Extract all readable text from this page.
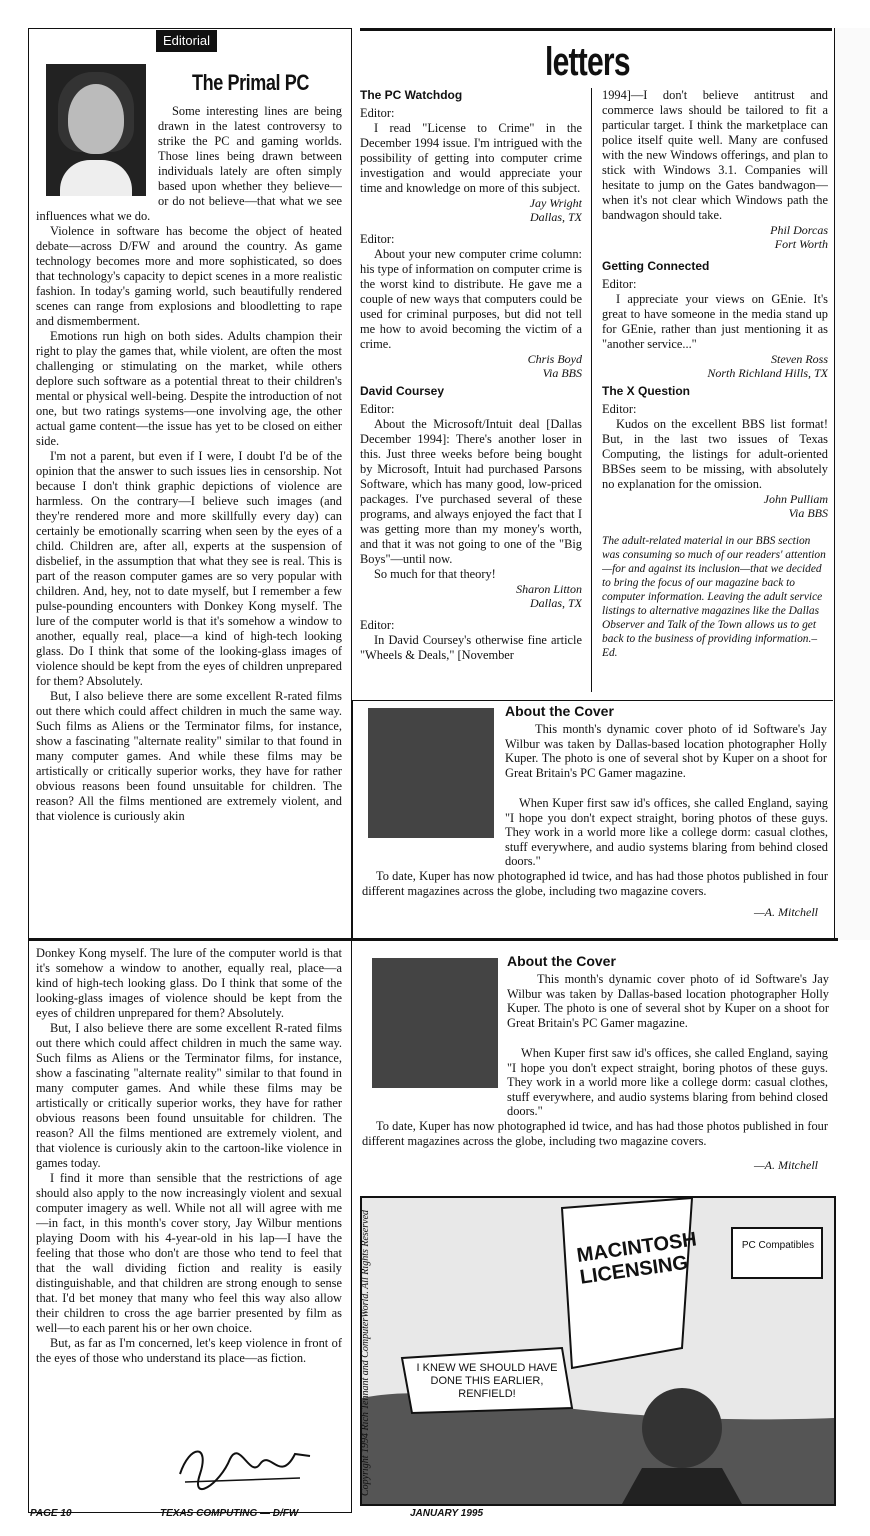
Editorial
The Primal PC

Some interesting lines are being drawn in the latest controversy to strike the PC and gaming worlds. Those lines being drawn between individuals lately are often simply based upon whether they believe—or do not believe—that what we see influences what we do.

Violence in software has become the object of heated debate—across D/FW and around the country. As game technology becomes more and more sophisticated, so does that technology's capacity to depict scenes in a more realistic fashion. In today's gaming world, such beautifully rendered scenes can range from explosions and bloodletting to rape and dismemberment.

Emotions run high on both sides. Adults champion their right to play the games that, while violent, are often the most challenging or stimulating on the market, while others deplore such software as a potential threat to their children's mental or physical well-being. Despite the introduction of not one, but two ratings systems—one involving age, the other actual game content—the issue has yet to be closed on either side.

I'm not a parent, but even if I were, I doubt I'd be of the opinion that the answer to such issues lies in censorship. Not because I don't think graphic depictions of violence are harmless. On the contrary—I believe such images (and they're rendered more and more skillfully every day) can certainly be emotionally scarring when seen by the eyes of a child. Children are, after all, experts at the suspension of disbelief, in the assumption that what they see is real. This is part of the reason computer games are so very popular with children. And, hey, not to date myself, but I remember a few pulse-pounding encounters with Donkey Kong myself. The lure of the computer world is that it's somehow a window to another, equally real, place—a kind of high-tech looking glass. Do I think that some of the looking-glass images of violence should be kept from the eyes of children unprepared for them? Absolutely.

But, I also believe there are some excellent R-rated films out there which could affect children in much the same way. Such films as Aliens or the Terminator films, for instance, show a fascinating "alternate reality" similar to that found in many computer games. And while these films may be artistically or critically superior works, they have for rather obvious reasons been found unsuitable for children. The reason? All the films mentioned are extremely violent, and that violence is curiously akin

letters
The PC Watchdog

Editor:

I read "License to Crime" in the December 1994 issue. I'm intrigued with the possibility of getting into computer crime investigation and would appreciate your time and knowledge on more of this subject.

Jay Wright

Dallas, TX

Editor:

About your new computer crime column: his type of information on computer crime is the worst kind to distribute. He gave me a couple of new ways that computers could be used for criminal purposes, but did not tell me how to avoid becoming the victim of a crime.

Chris Boyd

Via BBS

David Coursey

Editor:

About the Microsoft/Intuit deal [Dallas December 1994]: There's another loser in this. Just three weeks before being bought by Microsoft, Intuit had purchased Parsons Software, which has many good, low-priced packages. I've purchased several of these programs, and always enjoyed the fact that I was getting more than my money's worth, and that it was not going to one of the "Big Boys"—until now.

So much for that theory!

Sharon Litton

Dallas, TX

Editor:

In David Coursey's otherwise fine article "Wheels & Deals," [November

1994]—I don't believe antitrust and commerce laws should be tailored to fit a particular target. I think the marketplace can police itself quite well. Many are confused with the new Windows offerings, and plan to stick with Windows 3.1. Companies will hesitate to jump on the Gates bandwagon—when it's not clear which Windows path the bandwagon should take.

Phil Dorcas

Fort Worth

Getting Connected

Editor:

I appreciate your views on GEnie. It's great to have someone in the media stand up for GEnie, rather than just mentioning it as "another service..."

Steven Ross

North Richland Hills, TX

The X Question

Editor:

Kudos on the excellent BBS list format! But, in the last two issues of Texas Computing, the listings for adult-oriented BBSes seem to be missing, with absolutely no explanation for the omission.

John Pulliam

Via BBS

The adult-related material in our BBS section was consuming so much of our readers' attention—for and against its inclusion—that we decided to bring the focus of our magazine back to computer information. Leaving the adult service listings to alternative magazines like the Dallas Observer and Talk of the Town allows us to get back to the business of providing information.–Ed.

About the Cover

This month's dynamic cover photo of id Software's Jay Wilbur was taken by Dallas-based location photographer Holly Kuper. The photo is one of several shot by Kuper on a shoot for Great Britain's PC Gamer magazine.

When Kuper first saw id's offices, she called England, saying "I hope you don't expect straight, boring photos of these guys. They work in a world more like a college dorm: casual clothes, stuff everywhere, and audio systems blaring from behind closed doors."

To date, Kuper has now photographed id twice, and has had those photos published in four different magazines across the globe, including two magazine covers.

—A. Mitchell

Donkey Kong myself. The lure of the computer world is that it's somehow a window to another, equally real, place—a kind of high-tech looking glass. Do I think that some of the looking-glass images of violence should be kept from the eyes of children unprepared for them? Absolutely.

But, I also believe there are some excellent R-rated films out there which could affect children in much the same way. Such films as Aliens or the Terminator films, for instance, show a fascinating "alternate reality" similar to that found in many computer games. And while these films may be artistically or critically superior works, they have for rather obvious reasons been found unsuitable for children. The reason? All the films mentioned are extremely violent, and that violence is curiously akin to the cartoon-like violence in games today.

I find it more than sensible that the restrictions of age should also apply to the now increasingly violent and sexual computer imagery as well. While not all will agree with me—in fact, in this month's cover story, Jay Wilbur mentions playing Doom with his 4-year-old in his lap—I have the feeling that those who don't are those who tend to feel that that the wall dividing fiction and reality is easily distinguishable, and that children are strong enough to sense that. I'd bet money that many who feel this way also allow their children to cross the age barrier presented by film as well—to each parent his or her own choice.

But, as far as I'm concerned, let's keep violence in front of the eyes of those who understand its place—as fiction.

About the Cover

This month's dynamic cover photo of id Software's Jay Wilbur was taken by Dallas-based location photographer Holly Kuper. The photo is one of several shot by Kuper on a shoot for Great Britain's PC Gamer magazine.

When Kuper first saw id's offices, she called England, saying "I hope you don't expect straight, boring photos of these guys. They work in a world more like a college dorm: casual clothes, stuff everywhere, and audio systems blaring from behind closed doors."

To date, Kuper has now photographed id twice, and has had those photos published in four different magazines across the globe, including two magazine covers.

—A. Mitchell
MACINTOSH LICENSING
I KNEW WE SHOULD HAVE DONE THIS EARLIER, RENFIELD!
PC Compatibles
Copyright 1994 Rich Tennant and ComputerWorld. All Rights Reserved
PAGE 10	TEXAS COMPUTING — D/FW	JANUARY 1995
